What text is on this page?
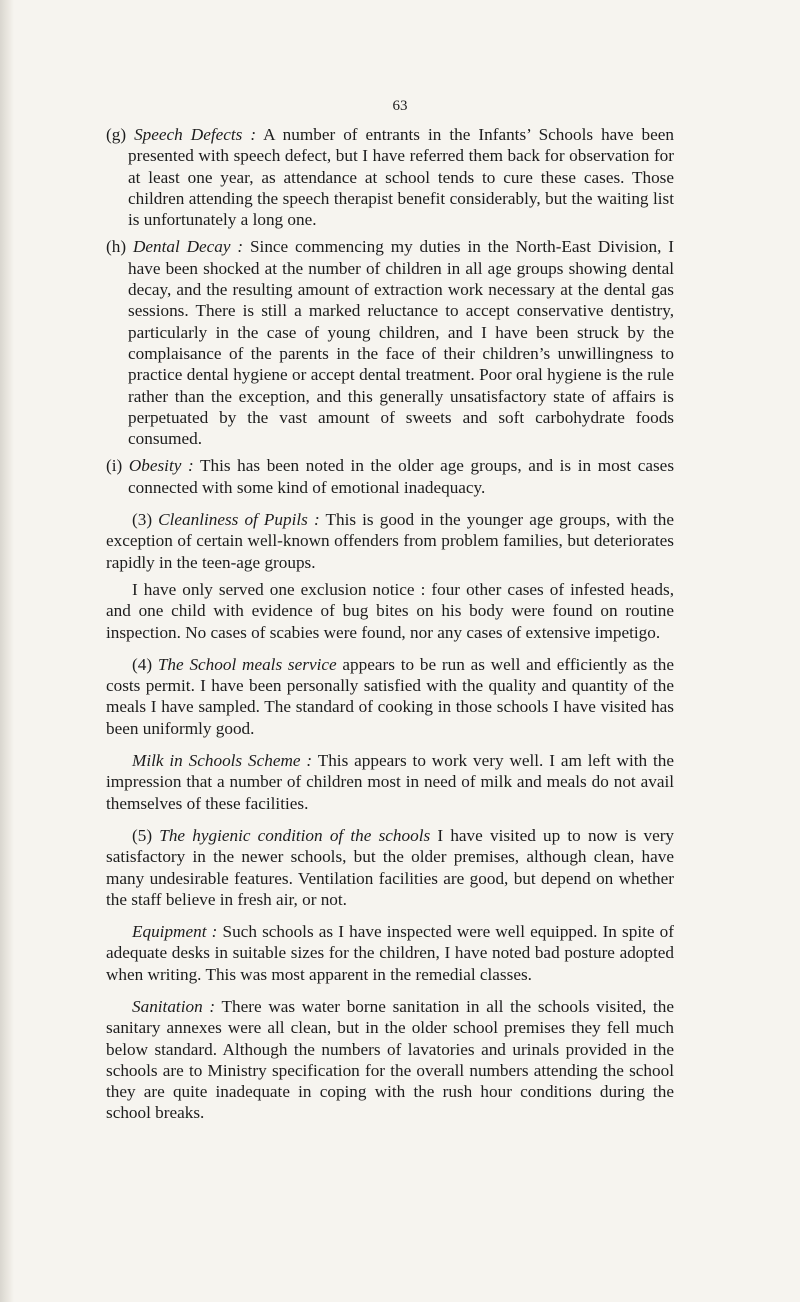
63

(g) Speech Defects : A number of entrants in the Infants’ Schools have been presented with speech defect, but I have referred them back for observation for at least one year, as attendance at school tends to cure these cases. Those children attending the speech therapist benefit considerably, but the waiting list is unfortunately a long one.

(h) Dental Decay : Since commencing my duties in the North-East Division, I have been shocked at the number of children in all age groups showing dental decay, and the resulting amount of extraction work necessary at the dental gas sessions. There is still a marked reluctance to accept conservative dentistry, particularly in the case of young children, and I have been struck by the complaisance of the parents in the face of their children’s unwillingness to practice dental hygiene or accept dental treatment. Poor oral hygiene is the rule rather than the exception, and this generally unsatisfactory state of affairs is perpetuated by the vast amount of sweets and soft carbohydrate foods consumed.

(i) Obesity : This has been noted in the older age groups, and is in most cases connected with some kind of emotional inadequacy.

(3) Cleanliness of Pupils : This is good in the younger age groups, with the exception of certain well-known offenders from problem families, but deteriorates rapidly in the teen-age groups.

I have only served one exclusion notice : four other cases of infested heads, and one child with evidence of bug bites on his body were found on routine inspection. No cases of scabies were found, nor any cases of extensive impetigo.

(4) The School meals service appears to be run as well and efficiently as the costs permit. I have been personally satisfied with the quality and quantity of the meals I have sampled. The standard of cooking in those schools I have visited has been uniformly good.

Milk in Schools Scheme : This appears to work very well. I am left with the impression that a number of children most in need of milk and meals do not avail themselves of these facilities.

(5) The hygienic condition of the schools I have visited up to now is very satisfactory in the newer schools, but the older premises, although clean, have many undesirable features. Ventilation facilities are good, but depend on whether the staff believe in fresh air, or not.

Equipment : Such schools as I have inspected were well equipped. In spite of adequate desks in suitable sizes for the children, I have noted bad posture adopted when writing. This was most apparent in the remedial classes.

Sanitation : There was water borne sanitation in all the schools visited, the sanitary annexes were all clean, but in the older school premises they fell much below standard. Although the numbers of lavatories and urinals provided in the schools are to Ministry specification for the overall numbers attending the school they are quite inadequate in coping with the rush hour conditions during the school breaks.
